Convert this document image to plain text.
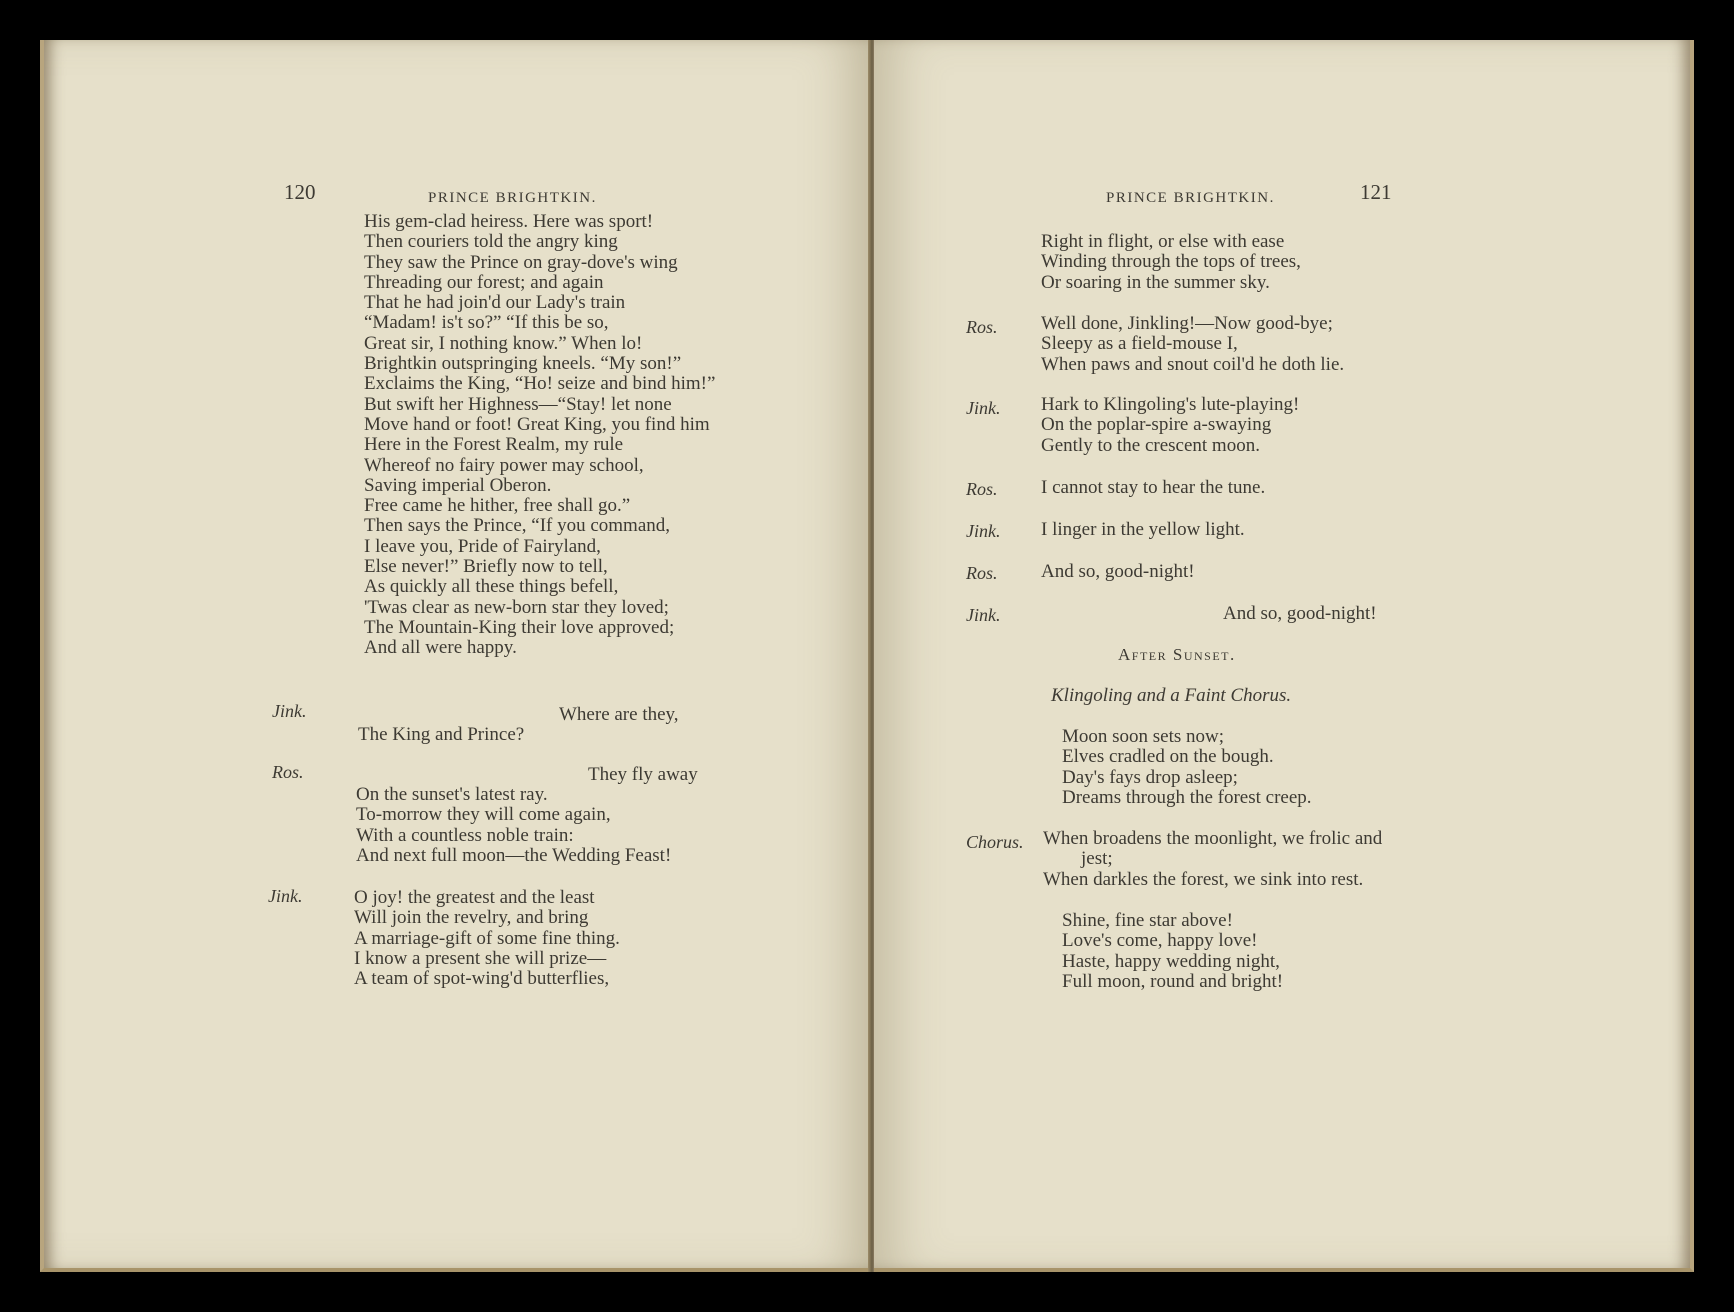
120	PRINCE BRIGHTKIN.
His gem-clad heiress. Here was sport!
Then couriers told the angry king
They saw the Prince on gray-dove's wing
Threading our forest; and again
That he had join'd our Lady's train
“Madam! is't so?” “If this be so,
Great sir, I nothing know.” When lo!
Brightkin outspringing kneels. “My son!”
Exclaims the King, “Ho! seize and bind him!”
But swift her Highness—“Stay! let none
Move hand or foot! Great King, you find him
Here in the Forest Realm, my rule
Whereof no fairy power may school,
Saving imperial Oberon.
Free came he hither, free shall go.”
Then says the Prince, “If you command,
I leave you, Pride of Fairyland,
Else never!” Briefly now to tell,
As quickly all these things befell,
'Twas clear as new-born star they loved;
The Mountain-King their love approved;
And all were happy.
Jink.	Where are they,
The King and Prince?
Ros.	They fly away
On the sunset's latest ray.
To-morrow they will come again,
With a countless noble train:
And next full moon—the Wedding Feast!
Jink.	O joy! the greatest and the least
Will join the revelry, and bring
A marriage-gift of some fine thing.
I know a present she will prize—
A team of spot-wing'd butterflies,
PRINCE BRIGHTKIN.	121
Right in flight, or else with ease
Winding through the tops of trees,
Or soaring in the summer sky.
Ros. Well done, Jinkling!—Now good-bye;
Sleepy as a field-mouse I,
When paws and snout coil'd he doth lie.
Jink. Hark to Klingoling's lute-playing!
On the poplar-spire a-swaying
Gently to the crescent moon.
Ros. I cannot stay to hear the tune.
Jink. I linger in the yellow light.
Ros. And so, good-night!
Jink.	And so, good-night!
After Sunset.
Klingoling and a Faint Chorus.
Moon soon sets now;
Elves cradled on the bough.
Day's fays drop asleep;
Dreams through the forest creep.
Chorus. When broadens the moonlight, we frolic and
jest;
When darkles the forest, we sink into rest.
Shine, fine star above!
Love's come, happy love!
Haste, happy wedding night,
Full moon, round and bright!
